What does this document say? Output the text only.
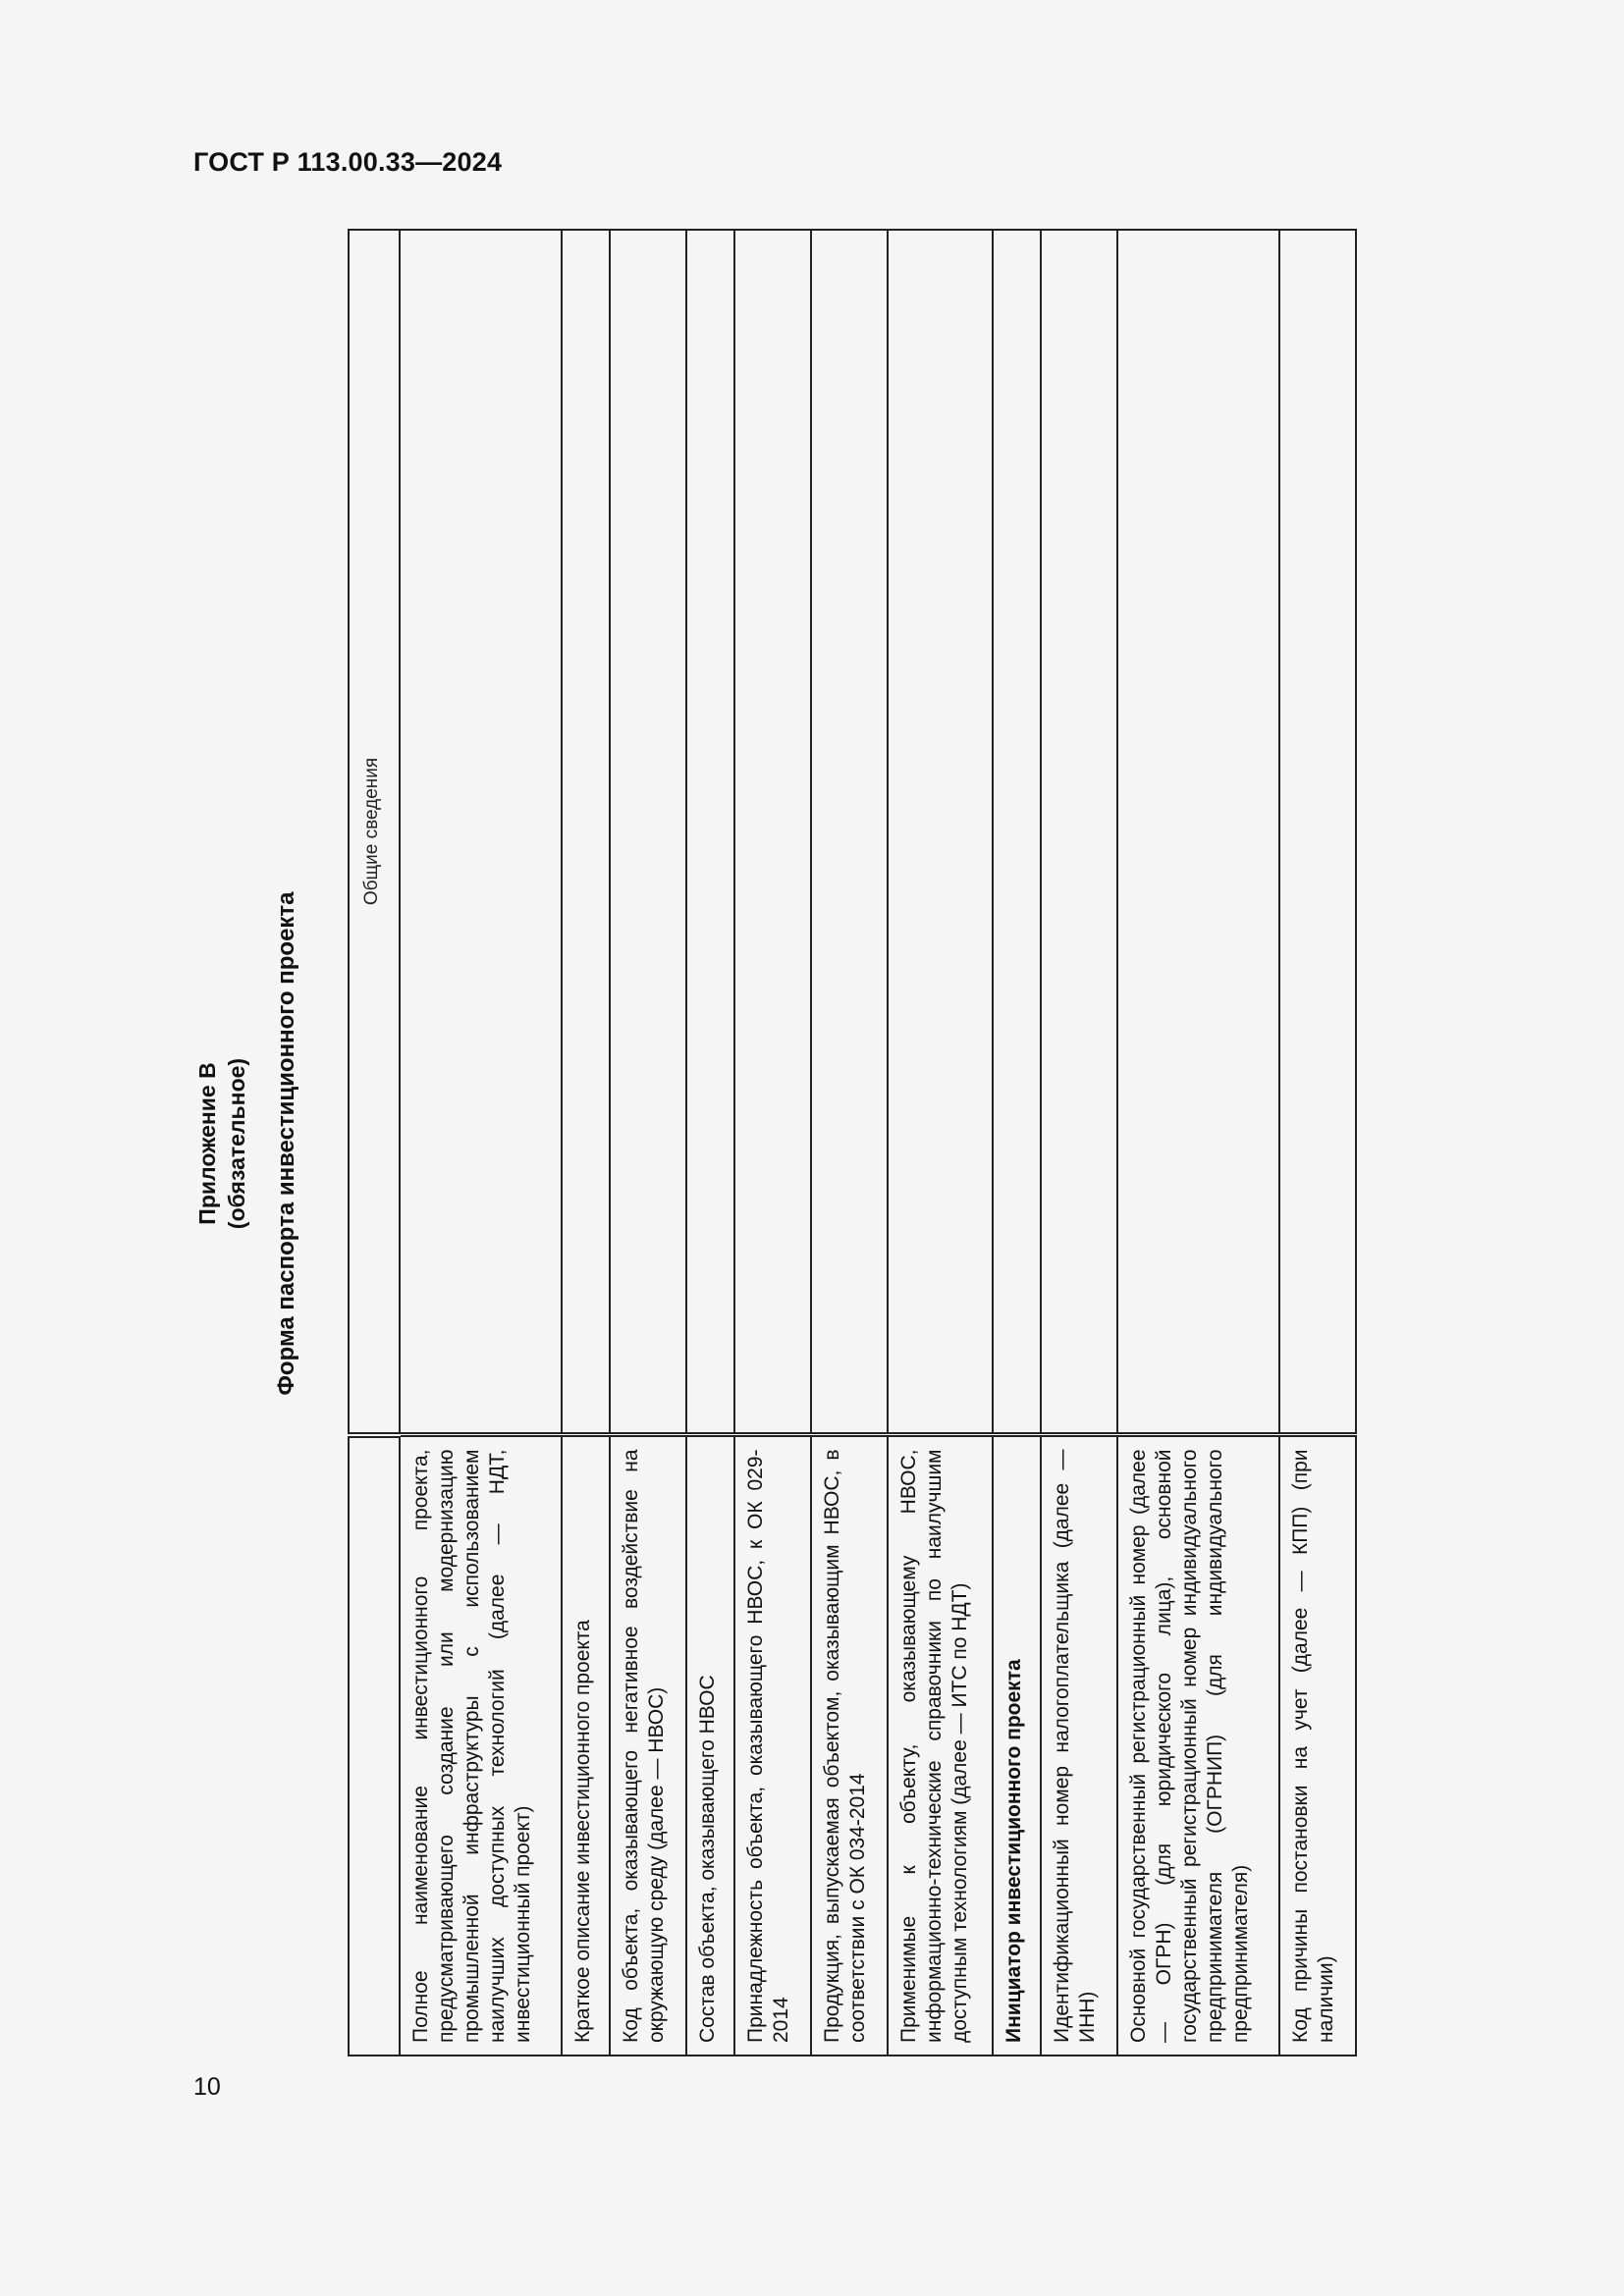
ГОСТ Р 113.00.33—2024
Приложение В (обязательное) Форма паспорта инвестиционного проекта
	Общие сведения
Полное наименование инвестиционного проекта, предусматривающего создание или модернизацию промышленной инфраструктуры с использованием наилучших доступных технологий (далее — НДТ, инвестиционный проект)	
Краткое описание инвестиционного проекта	
Код объекта, оказывающего негативное воздействие на окружающую среду (далее — НВОС)	
Состав объекта, оказывающего НВОС	
Принадлежность объекта, оказывающего НВОС, к ОК 029-2014	
Продукция, выпускаемая объектом, оказывающим НВОС, в соответствии с ОК 034-2014	
Применимые к объекту, оказывающему НВОС, информационно-технические справочники по наилучшим доступным технологиям (далее — ИТС по НДТ)	
Инициатор инвестиционного проекта	
Идентификационный номер налогоплательщика (далее — ИНН)	
Основной государственный регистрационный номер (далее — ОГРН) (для юридического лица), основной государственный регистрационный номер индивидуального предпринимателя (ОГРНИП) (для индивидуального предпринимателя)	
Код причины постановки на учет (далее — КПП) (при наличии)	
10
